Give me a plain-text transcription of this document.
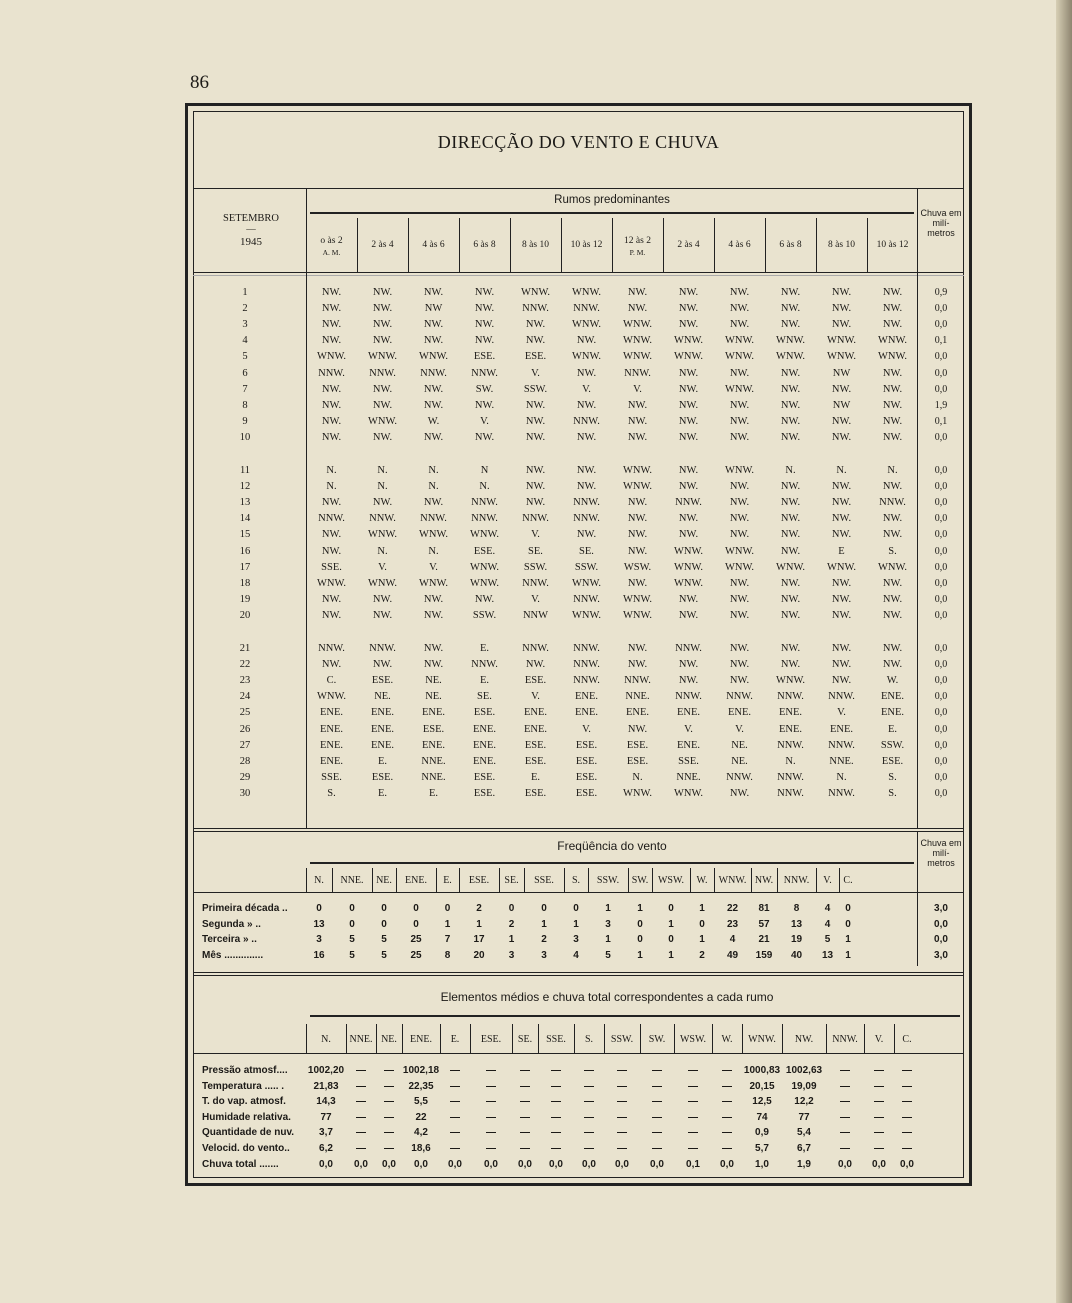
86
DIRECÇÃO DO VENTO E CHUVA
SETEMBRO
—
1945
Rumos predominantes
Chuva em milí-metros
o às 2
A. M.
2 às 4	4 às 6	6 às 8	8 às 10	10 às 12	12 às 2
P. M.
2 às 4	4 às 6	6 às 8	8 às 10	10 às 12
1	NW.	NW.	NW.	NW.	WNW.	WNW.	NW.	NW.	NW.	NW.	NW.	NW.	0,9
2	NW.	NW.	NW	NW.	NNW.	NNW.	NW.	NW.	NW.	NW.	NW.	NW.	0,0
3	NW.	NW.	NW.	NW.	NW.	WNW.	WNW.	NW.	NW.	NW.	NW.	NW.	0,0
4	NW.	NW.	NW.	NW.	NW.	NW.	WNW.	WNW.	WNW.	WNW.	WNW.	WNW.	0,1
5	WNW.	WNW.	WNW.	ESE.	ESE.	WNW.	WNW.	WNW.	WNW.	WNW.	WNW.	WNW.	0,0
6	NNW.	NNW.	NNW.	NNW.	V.	NW.	NNW.	NW.	NW.	NW.	NW	NW.	0,0
7	NW.	NW.	NW.	SW.	SSW.	V.	V.	NW.	WNW.	NW.	NW.	NW.	0,0
8	NW.	NW.	NW.	NW.	NW.	NW.	NW.	NW.	NW.	NW.	NW	NW.	1,9
9	NW.	WNW.	W.	V.	NW.	NNW.	NW.	NW.	NW.	NW.	NW.	NW.	0,1
10	NW.	NW.	NW.	NW.	NW.	NW.	NW.	NW.	NW.	NW.	NW.	NW.	0,0
11	N.	N.	N.	N	NW.	NW.	WNW.	NW.	WNW.	N.	N.	N.	0,0
12	N.	N.	N.	N.	NW.	NW.	WNW.	NW.	NW.	NW.	NW.	NW.	0,0
13	NW.	NW.	NW.	NNW.	NW.	NNW.	NW.	NNW.	NW.	NW.	NW.	NNW.	0,0
14	NNW.	NNW.	NNW.	NNW.	NNW.	NNW.	NW.	NW.	NW.	NW.	NW.	NW.	0,0
15	NW.	WNW.	WNW.	WNW.	V.	NW.	NW.	NW.	NW.	NW.	NW.	NW.	0,0
16	NW.	N.	N.	ESE.	SE.	SE.	NW.	WNW.	WNW.	NW.	E	S.	0,0
17	SSE.	V.	V.	WNW.	SSW.	SSW.	WSW.	WNW.	WNW.	WNW.	WNW.	WNW.	0,0
18	WNW.	WNW.	WNW.	WNW.	NNW.	WNW.	NW.	WNW.	NW.	NW.	NW.	NW.	0,0
19	NW.	NW.	NW.	NW.	V.	NNW.	WNW.	NW.	NW.	NW.	NW.	NW.	0,0
20	NW.	NW.	NW.	SSW.	NNW	WNW.	WNW.	NW.	NW.	NW.	NW.	NW.	0,0
21	NNW.	NNW.	NW.	E.	NNW.	NNW.	NW.	NNW.	NW.	NW.	NW.	NW.	0,0
22	NW.	NW.	NW.	NNW.	NW.	NNW.	NW.	NW.	NW.	NW.	NW.	NW.	0,0
23	C.	ESE.	NE.	E.	ESE.	NNW.	NNW.	NW.	NW.	WNW.	NW.	W.	0,0
24	WNW.	NE.	NE.	SE.	V.	ENE.	NNE.	NNW.	NNW.	NNW.	NNW.	ENE.	0,0
25	ENE.	ENE.	ENE.	ESE.	ENE.	ENE.	ENE.	ENE.	ENE.	ENE.	V.	ENE.	0,0
26	ENE.	ENE.	ESE.	ENE.	ENE.	V.	NW.	V.	V.	ENE.	ENE.	E.	0,0
27	ENE.	ENE.	ENE.	ENE.	ESE.	ESE.	ESE.	ENE.	NE.	NNW.	NNW.	SSW.	0,0
28	ENE.	E.	NNE.	ENE.	ESE.	ESE.	ESE.	SSE.	NE.	N.	NNE.	ESE.	0,0
29	SSE.	ESE.	NNE.	ESE.	E.	ESE.	N.	NNE.	NNW.	NNW.	N.	S.	0,0
30	S.	E.	E.	ESE.	ESE.	ESE.	WNW.	WNW.	NW.	NNW.	NNW.	S.	0,0
Freqüência do vento	Chuva em milí-metros
N.	NNE.	NE.	ENE.	E.	ESE.	SE.	SSE.	S.	SSW.	SW. WSW.	W.	WNW. NW.	NNW.	V.	C.
Primeira década ..	0	0	0	0	0	2	0	0	0	1	1	0	1	22	81	8	4	0	3,0
Segunda » ..	13	0	0	0	1	1	2	1	1	3	0	1	0	23	57	13	4	0	0,0
Terceira » ..	3	5	5	25	7	17	1	2	3	1	0	0	1	4	21	19	5	1	0,0
Mês ..............	16	5	5	25	8	20	3	3	4	5	1	1	2	49	159	40	13	1	3,0
Elementos médios e chuva total correspondentes a cada rumo
N.	NNE. NE.	ENE.	E.	ESE.	SE.	SSE.	S.	SSW.	SW.	WSW.	W.	WNW.	NW.	NNW.	V.	C.
Pressão atmosf.... 1002,20	—	— 1002,18	—	—	—	—	—	—	—	—	—	1000,83 1002,63	—	—	—
Temperatura ..... .	21,83	—	—	22,35	—	—	—	—	—	—	—	—	—	20,15	19,09	—	—	—
T. do vap. atmosf.	14,3	—	—	5,5	—	—	—	—	—	—	—	—	—	12,5	12,2	—	—	—
Humidade relativa.	77	—	—	22	—	—	—	—	—	—	—	—	—	74	77	—	—	—
Quantidade de nuv.	3,7	—	—	4,2	—	—	—	—	—	—	—	—	—	0,9	5,4	—	—	—
Velocid. do vento..	6,2	—	—	18,6	—	—	—	—	—	—	—	—	—	5,7	6,7	—	—	—
Chuva total .......	0,0	0,0	0,0	0,0	0,0	0,0	0,0	0,0	0,0	0,0	0,0	0,1	0,0	1,0	1,9	0,0	0,0	0,0
